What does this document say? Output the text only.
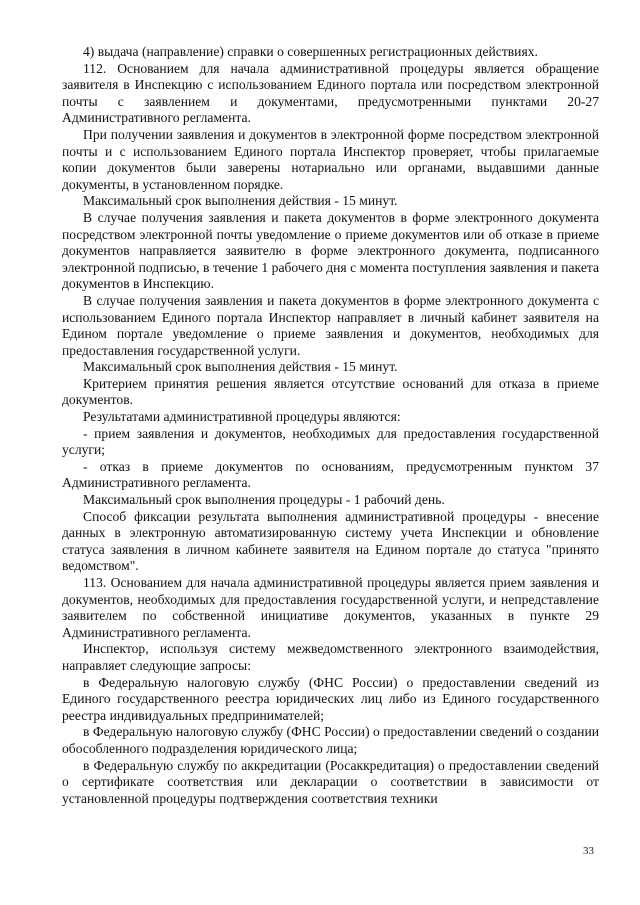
4) выдача (направление) справки о совершенных регистрационных действиях.

112. Основанием для начала административной процедуры является обращение заявителя в Инспекцию с использованием Единого портала или посредством электронной почты с заявлением и документами, предусмотренными пунктами 20-27 Административного регламента.

При получении заявления и документов в электронной форме посредством электронной почты и с использованием Единого портала Инспектор проверяет, чтобы прилагаемые копии документов были заверены нотариально или органами, выдавшими данные документы, в установленном порядке.

Максимальный срок выполнения действия - 15 минут.

В случае получения заявления и пакета документов в форме электронного документа посредством электронной почты уведомление о приеме документов или об отказе в приеме документов направляется заявителю в форме электронного документа, подписанного электронной подписью, в течение 1 рабочего дня с момента поступления заявления и пакета документов в Инспекцию.

В случае получения заявления и пакета документов в форме электронного документа с использованием Единого портала Инспектор направляет в личный кабинет заявителя на Едином портале уведомление о приеме заявления и документов, необходимых для предоставления государственной услуги.

Максимальный срок выполнения действия - 15 минут.

Критерием принятия решения является отсутствие оснований для отказа в приеме документов.

Результатами административной процедуры являются:

- прием заявления и документов, необходимых для предоставления государственной услуги;

- отказ в приеме документов по основаниям, предусмотренным пунктом 37 Административного регламента.

Максимальный срок выполнения процедуры - 1 рабочий день.

Способ фиксации результата выполнения административной процедуры - внесение данных в электронную автоматизированную систему учета Инспекции и обновление статуса заявления в личном кабинете заявителя на Едином портале до статуса "принято ведомством".

113. Основанием для начала административной процедуры является прием заявления и документов, необходимых для предоставления государственной услуги, и непредставление заявителем по собственной инициативе документов, указанных в пункте 29 Административного регламента.

Инспектор, используя систему межведомственного электронного взаимодействия, направляет следующие запросы:

в Федеральную налоговую службу (ФНС России) о предоставлении сведений из Единого государственного реестра юридических лиц либо из Единого государственного реестра индивидуальных предпринимателей;

в Федеральную налоговую службу (ФНС России) о предоставлении сведений о создании обособленного подразделения юридического лица;

в Федеральную службу по аккредитации (Росаккредитация) о предоставлении сведений о сертификате соответствия или декларации о соответствии в зависимости от установленной процедуры подтверждения соответствия техники

33
